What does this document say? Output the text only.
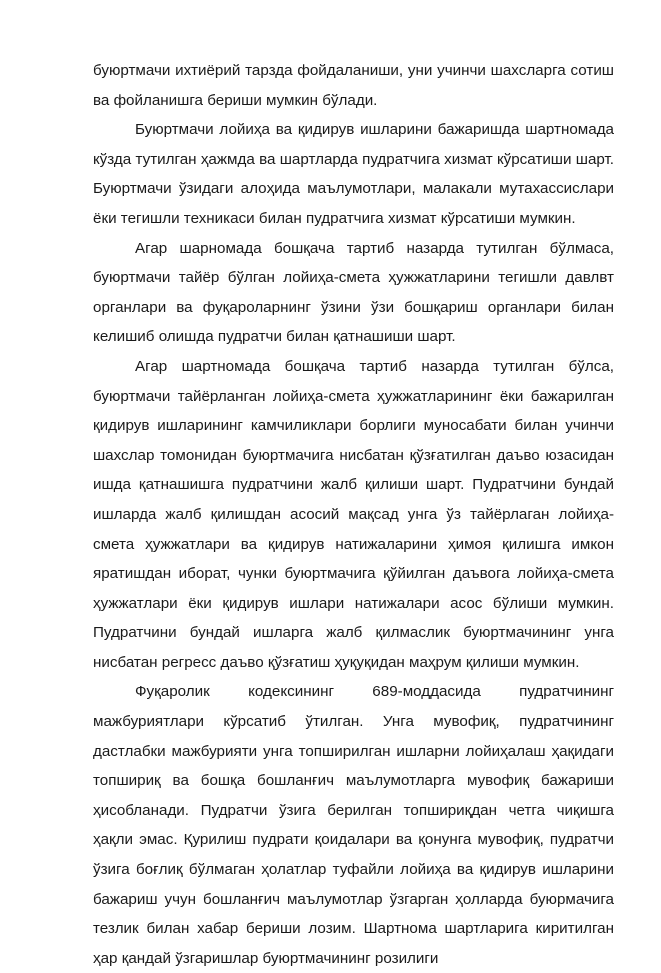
буюртмачи ихтиёрий тарзда фойдаланиши, уни учинчи шахсларга сотиш ва фойланишга бериши мумкин бўлади.

Буюртмачи лойиҳа ва қидирув ишларини бажаришда шартномада кўзда тутилган ҳажмда ва шартларда пудратчига хизмат кўрсатиши шарт. Буюртмачи ўзидаги алоҳида маълумотлари, малакали мутахассислари ёки тегишли техникаси билан пудратчига хизмат кўрсатиши мумкин.

Агар шарномада бошқача тартиб назарда тутилган бўлмаса, буюртмачи тайёр бўлган лойиҳа-смета ҳужжатларини тегишли давлвт органлари ва фуқароларнинг ўзини ўзи бошқариш органлари билан келишиб олишда пудратчи билан қатнашиши шарт.

Агар шартномада бошқача тартиб назарда тутилган бўлса, буюртмачи тайёрланган лойиҳа-смета ҳужжатларининг ёки бажарилган қидирув ишларининг камчиликлари борлиги муносабати билан учинчи шахслар томонидан буюртмачига нисбатан қўзғатилган даъво юзасидан ишда қатнашишга пудратчини жалб қилиши шарт. Пудратчини бундай ишларда жалб қилишдан асосий мақсад унга ўз тайёрлаган лойиҳа-смета ҳужжатлари ва қидирув натижаларини ҳимоя қилишга имкон яратишдан иборат, чунки буюртмачига қўйилган даъвога лойиҳа-смета ҳужжатлари ёки қидирув ишлари натижалари асос бўлиши мумкин. Пудратчини бундай ишларга жалб қилмаслик буюртмачининг унга нисбатан регресс даъво қўзғатиш ҳуқуқидан маҳрум қилиши мумкин.

Фуқаролик кодексининг 689-моддасида пудратчининг мажбуриятлари кўрсатиб ўтилган. Унга мувофиқ, пудратчининг дастлабки мажбурияти унга топширилган ишларни лойиҳалаш ҳақидаги топшириқ ва бошқа бошланғич маълумотларга мувофиқ бажариши ҳисобланади. Пудратчи ўзига берилган топшириқдан четга чиқишга ҳақли эмас. Қурилиш пудрати қоидалари ва қонунга мувофиқ, пудратчи ўзига боғлиқ бўлмаган ҳолатлар туфайли лойиҳа ва қидирув ишларини бажариш учун бошланғич маълумотлар ўзгарган ҳолларда буюрмачига тезлик билан хабар бериши лозим. Шартнома шартларига киритилган ҳар қандай ўзгаришлар буюртмачининг розилиги
